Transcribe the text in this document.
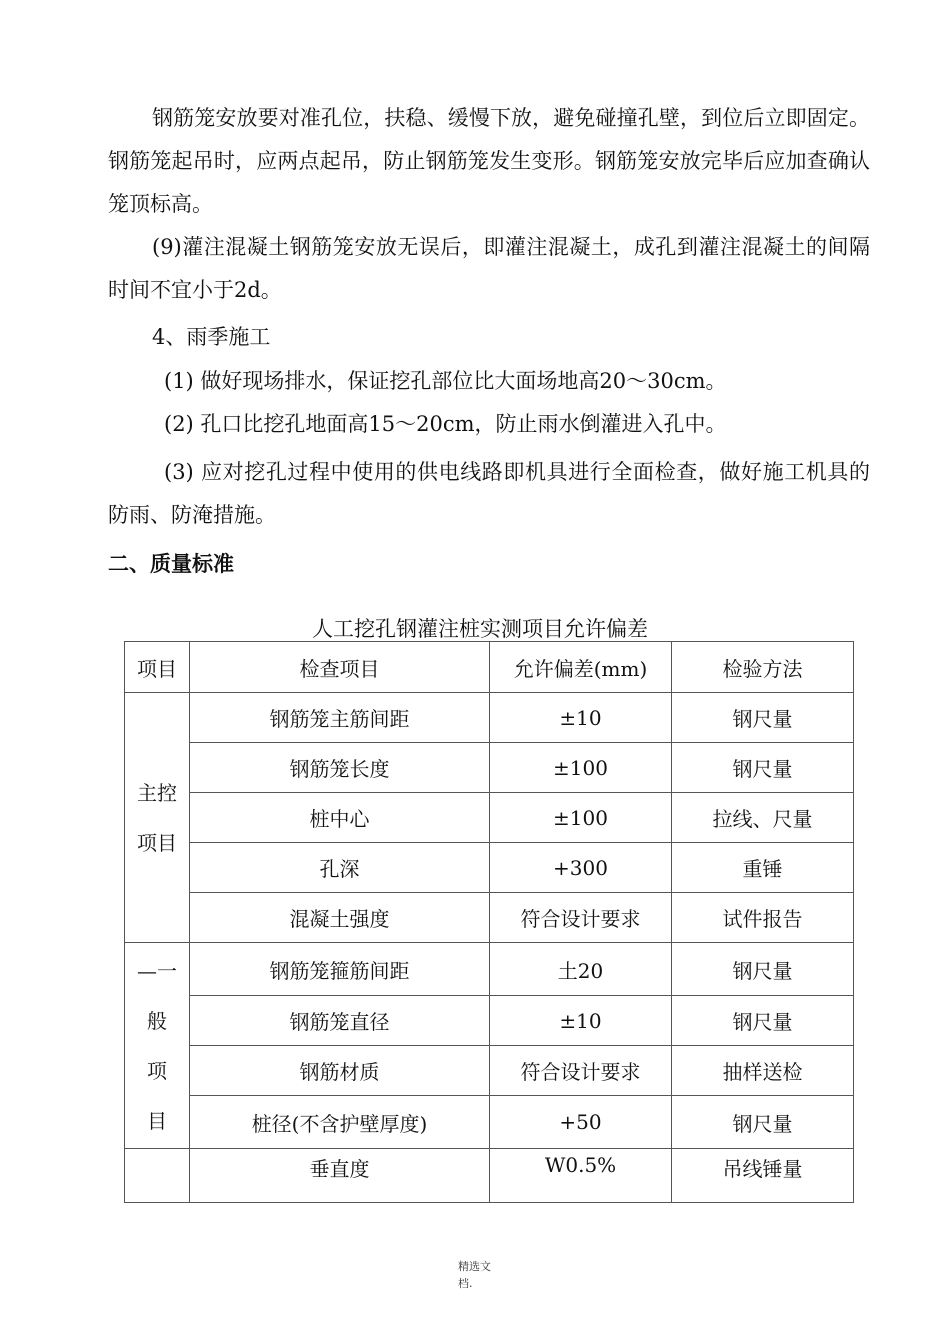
钢筋笼安放要对准孔位，扶稳、缓慢下放，避免碰撞孔壁，到位后立即固定。钢筋笼起吊时，应两点起吊，防止钢筋笼发生变形。钢筋笼安放完毕后应加查确认笼顶标高。
(9)灌注混凝土钢筋笼安放无误后，即灌注混凝土，成孔到灌注混凝土的间隔时间不宜小于2d。
4、雨季施工
(1) 做好现场排水，保证挖孔部位比大面场地高20〜30cm。
(2) 孔口比挖孔地面高15〜20cm，防止雨水倒灌进入孔中。
(3) 应对挖孔过程中使用的供电线路即机具进行全面检查，做好施工机具的防雨、防淹措施。
二、质量标准
人工挖孔钢灌注桩实测项目允许偏差
项目	检查项目	允许偏差(mm)	检验方法

主控
项目	钢筋笼主筋间距	±10	钢尺量
	钢筋笼长度	±100	钢尺量
	桩中心	±100	拉线、尺量
	孔深	+300	重锤
	混凝土强度	符合设计要求	试件报告

—一
般
项
目	钢筋笼箍筋间距	土20	钢尺量
	钢筋笼直径	±10	钢尺量
	钢筋材质	符合设计要求	抽样送检
	桩径(不含护壁厚度)	+50	钢尺量
	垂直度	W0.5%	吊线锤量
精选文
档.
